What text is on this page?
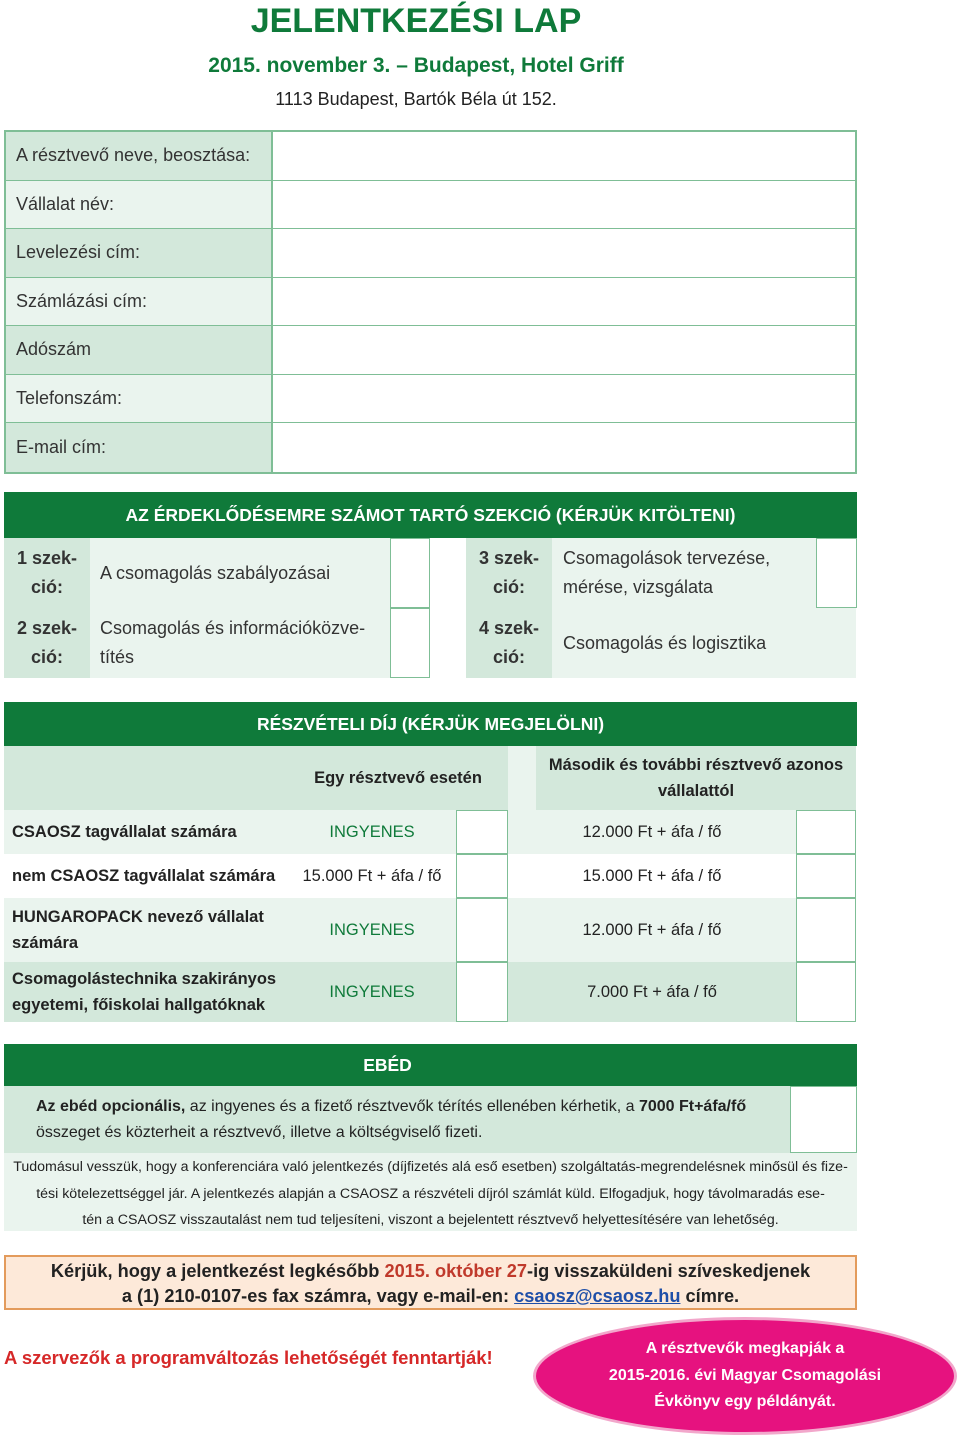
JELENTKEZÉSI LAP
2015. november 3. – Budapest, Hotel Griff
1113 Budapest, Bartók Béla út 152.
A résztvevő neve, beosztása:
Vállalat név:
Levelezési cím:
Számlázási cím:
Adószám
Telefonszám:
E-mail cím:
AZ ÉRDEKLŐDÉSEMRE SZÁMOT TARTÓ SZEKCIÓ (KÉRJÜK KITÖLTENI)
1 szek-
ció:
A csomagolás szabályozásai
3 szek-
ció:
Csomagolások tervezése,
mérése, vizsgálata
2 szek-
ció:
Csomagolás és információközve-
títés
4 szek-
ció:
Csomagolás és logisztika
RÉSZVÉTELI DÍJ (KÉRJÜK MEGJELÖLNI)
Egy résztvevő esetén
Második és további résztvevő azonos
vállalattól
CSAOSZ tagvállalat számára	INGYENES	12.000 Ft + áfa / fő
nem CSAOSZ tagvállalat számára	15.000 Ft + áfa / fő	15.000 Ft + áfa / fő
HUNGAROPACK nevező vállalat
számára
INGYENES	12.000 Ft + áfa / fő
Csomagolástechnika szakirányos
egyetemi, főiskolai hallgatóknak
INGYENES	7.000 Ft + áfa / fő
EBÉD
Az ebéd opcionális, az ingyenes és a fizető résztvevők térítés ellenében kérhetik, a 7000 Ft+áfa/fő
összeget és közterheit a résztvevő, illetve a költségviselő fizeti.
Tudomásul vesszük, hogy a konferenciára való jelentkezés (díjfizetés alá eső esetben) szolgáltatás-megrendelésnek minősül és fize-
tési kötelezettséggel jár. A jelentkezés alapján a CSAOSZ a részvételi díjról számlát küld. Elfogadjuk, hogy távolmaradás ese-
tén a CSAOSZ visszautalást nem tud teljesíteni, viszont a bejelentett résztvevő helyettesítésére van lehetőség.
Kérjük, hogy a jelentkezést legkésőbb 2015. október 27-ig visszaküldeni szíveskedjenek
a (1) 210-0107-es fax számra, vagy e-mail-en: csaosz@csaosz.hu címre.
A szervezők a programváltozás lehetőségét fenntartják!	A résztvevők megkapják a
2015-2016. évi Magyar Csomagolási
Évkönyv egy példányát.
